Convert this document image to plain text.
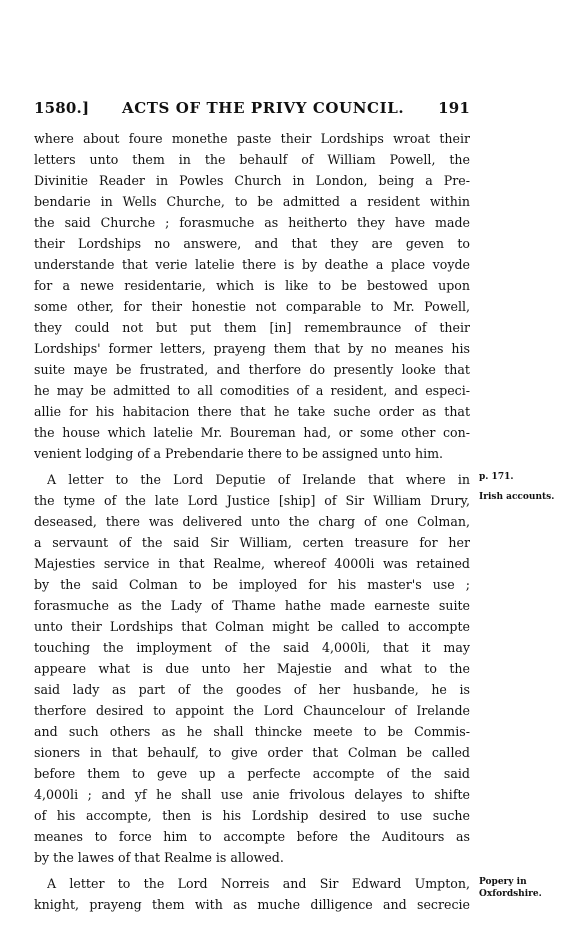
1580.] ACTS OF THE PRIVY COUNCIL. 191
where about foure monethe paste their Lordships wroat their
letters unto them in the behaulf of William Powell, the
Divinitie Reader in Powles Church in London, being a Pre-
bendarie in Wells Churche, to be admitted a resident within
the said Churche ; forasmuche as heitherto they have made
their Lordships no answere, and that they are geven to
understande that verie latelie there is by deathe a place voyde
for a newe residentarie, which is like to be bestowed upon
some other, for their honestie not comparable to Mr. Powell,
they could not but put them [in] remembraunce of their
Lordships' former letters, prayeng them that by no meanes his
suite maye be frustrated, and therfore do presently looke that
he may be admitted to all comodities of a resident, and especi-
allie for his habitacion there that he take suche order as that
the house which latelie Mr. Boureman had, or some other con-
venient lodging of a Prebendarie there to be assigned unto him.
A letter to the Lord Deputie of Irelande that where in
the tyme of the late Lord Justice [ship] of Sir William Drury,
deseased, there was delivered unto the charg of one Colman,
a servaunt of the said Sir William, certen treasure for her
Majesties service in that Realme, whereof 4000li was retained
by the said Colman to be imployed for his master's use ;
forasmuche as the Lady of Thame hathe made earneste suite
unto their Lordships that Colman might be called to accompte
touching the imployment of the said 4,000li, that it may
appeare what is due unto her Majestie and what to the
said lady as part of the goodes of her husbande, he is
therfore desired to appoint the Lord Chauncelour of Irelande
and such others as he shall thincke meete to be Commis-
sioners in that behaulf, to give order that Colman be called
before them to geve up a perfecte accompte of the said
4,000li ; and yf he shall use anie frivolous delayes to shifte
of his accompte, then is his Lordship desired to use suche
meanes to force him to accompte before the Auditours as
by the lawes of that Realme is allowed.
A letter to the Lord Norreis and Sir Edward Umpton,
knight, prayeng them with as muche dilligence and secrecie
p. 171.
Irish accounts.
Popery in
Oxfordshire.
